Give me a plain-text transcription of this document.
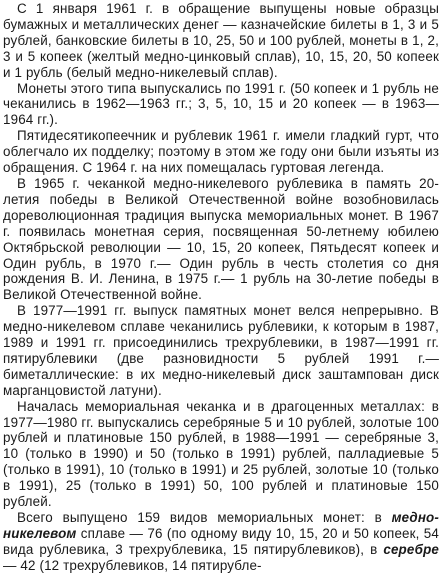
С 1 января 1961 г. в обращение выпущены новые образцы бумажных и металлических денег — казначейские билеты в 1, 3 и 5 рублей, банковские билеты в 10, 25, 50 и 100 рублей, монеты в 1, 2, 3 и 5 копеек (желтый медно-цинковый сплав), 10, 15, 20, 50 копеек и 1 рубль (белый медно-никелевый сплав).

Монеты этого типа выпускались по 1991 г. (50 копеек и 1 рубль не чеканились в 1962—1963 гг.; 3, 5, 10, 15 и 20 копеек — в 1963—1964 гг.).

Пятидесятикопеечник и рублевик 1961 г. имели гладкий гурт, что облегчало их подделку; поэтому в этом же году они были изъяты из обращения. С 1964 г. на них помещалась гуртовая легенда.

В 1965 г. чеканкой медно-никелевого рублевика в память 20-летия победы в Великой Отечественной войне возобновилась дореволюционная традиция выпуска мемориальных монет. В 1967 г. появилась монетная серия, посвященная 50-летнему юбилею Октябрьской революции — 10, 15, 20 копеек, Пятьдесят копеек и Один рубль, в 1970 г.— Один рубль в честь столетия со дня рождения В. И. Ленина, в 1975 г.— 1 рубль на 30-летие победы в Великой Отечественной войне.

В 1977—1991 гг. выпуск памятных монет велся непрерывно. В медно-никелевом сплаве чеканились рублевики, к которым в 1987, 1989 и 1991 гг. присоединились трехрублевики, в 1987—1991 гг. пятирублевики (две разновидности 5 рублей 1991 г.— биметаллические: в их медно-никелевый диск заштампован диск марганцовистой латуни).

Началась мемориальная чеканка и в драгоценных металлах: в 1977—1980 гг. выпускались серебряные 5 и 10 рублей, золотые 100 рублей и платиновые 150 рублей, в 1988—1991 — серебряные 3, 10 (только в 1990) и 50 (только в 1991) рублей, палладиевые 5 (только в 1991), 10 (только в 1991) и 25 рублей, золотые 10 (только в 1991), 25 (только в 1991) 50, 100 рублей и платиновые 150 рублей.

Всего выпущено 159 видов мемориальных монет: в медно-никелевом сплаве — 76 (по одному виду 10, 15, 20 и 50 копеек, 54 вида рублевика, 3 трехрублевика, 15 пятирублевиков), в серебре — 42 (12 трехрублевиков, 14 пятирубле-
